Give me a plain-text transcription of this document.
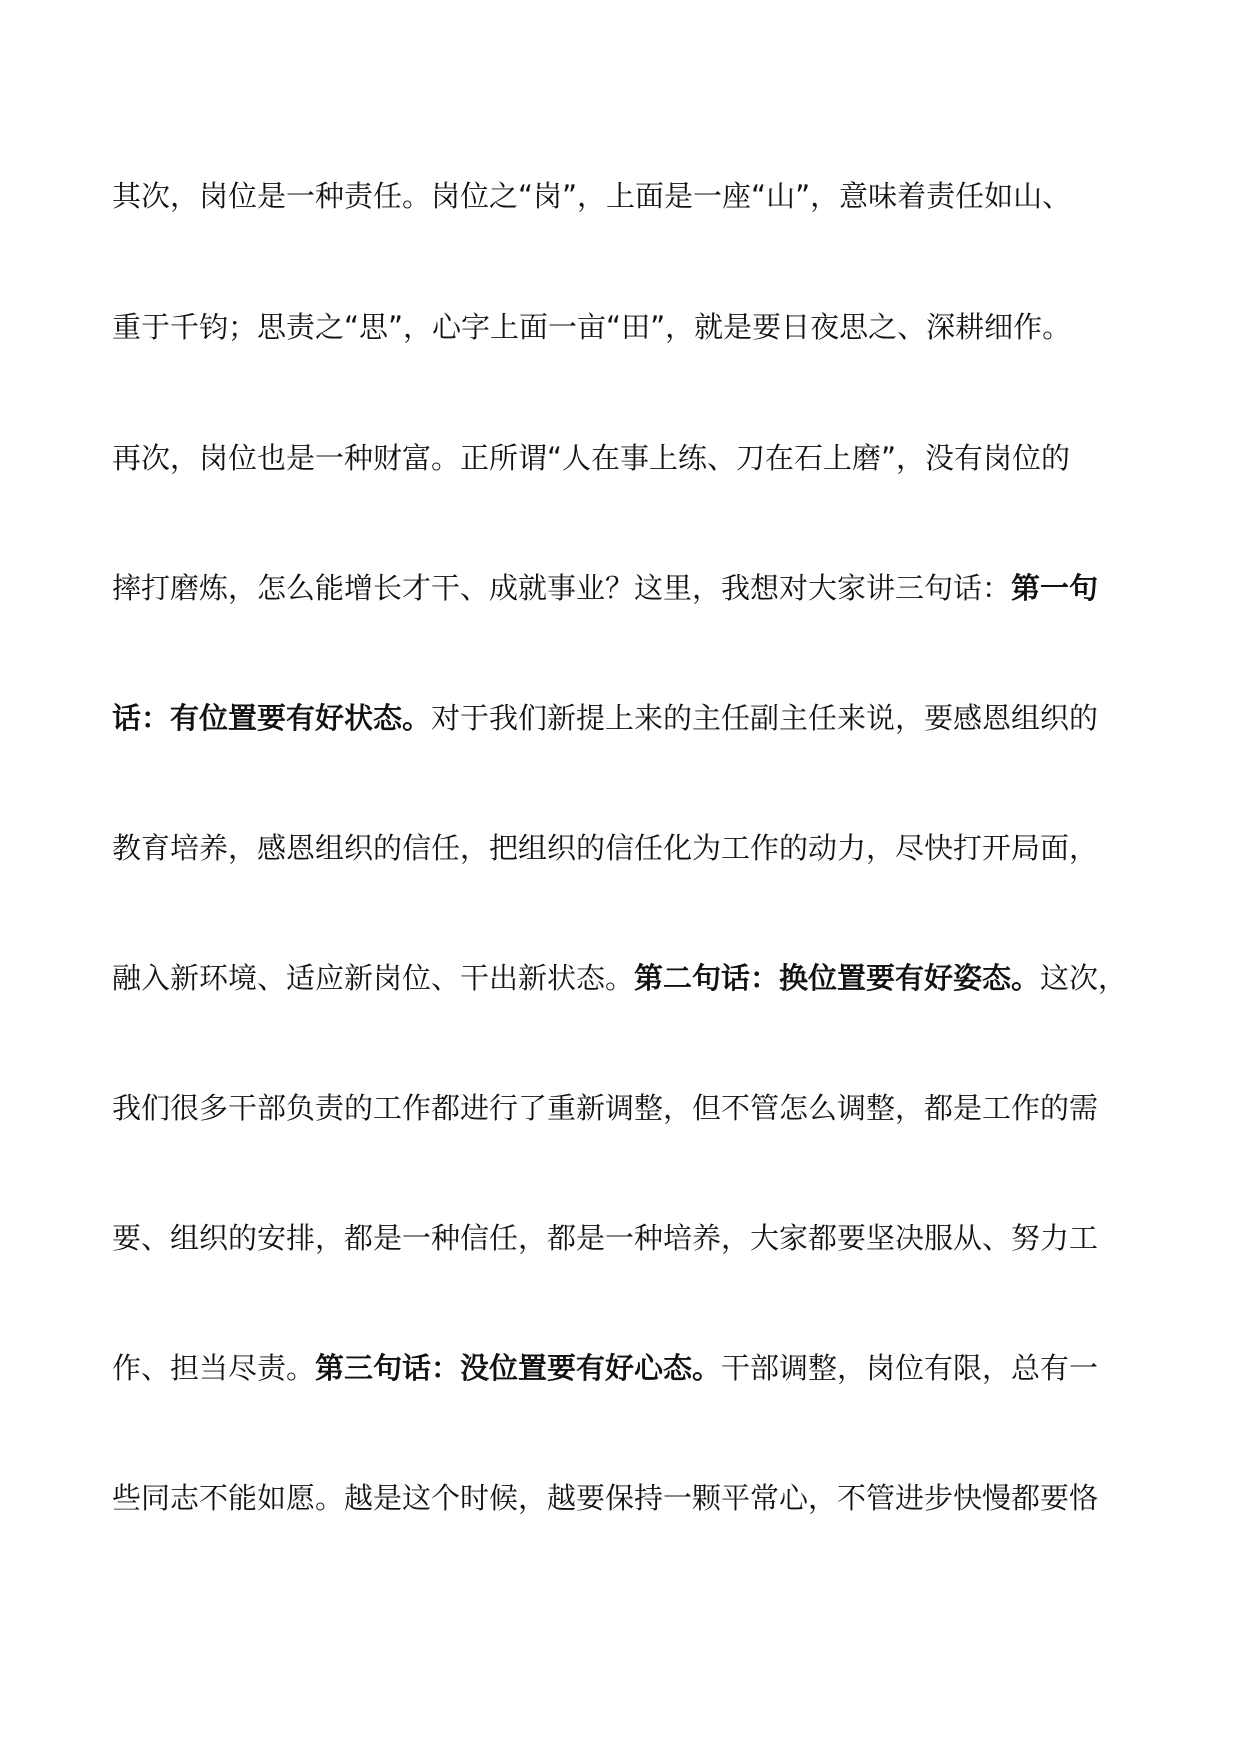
其次，岗位是一种责任。岗位之“岗”，上面是一座“山”，意味着责任如山、
重于千钧；思责之“思”，心字上面一亩“田”，就是要日夜思之、深耕细作。
再次，岗位也是一种财富。正所谓“人在事上练、刀在石上磨”，没有岗位的
摔打磨炼，怎么能增长才干、成就事业？这里，我想对大家讲三句话：第一句
话：有位置要有好状态。对于我们新提上来的主任副主任来说，要感恩组织的
教育培养，感恩组织的信任，把组织的信任化为工作的动力，尽快打开局面，
融入新环境、适应新岗位、干出新状态。第二句话：换位置要有好姿态。这次，
我们很多干部负责的工作都进行了重新调整，但不管怎么调整，都是工作的需
要、组织的安排，都是一种信任，都是一种培养，大家都要坚决服从、努力工
作、担当尽责。第三句话：没位置要有好心态。干部调整，岗位有限，总有一
些同志不能如愿。越是这个时候，越要保持一颗平常心，不管进步快慢都要恪
